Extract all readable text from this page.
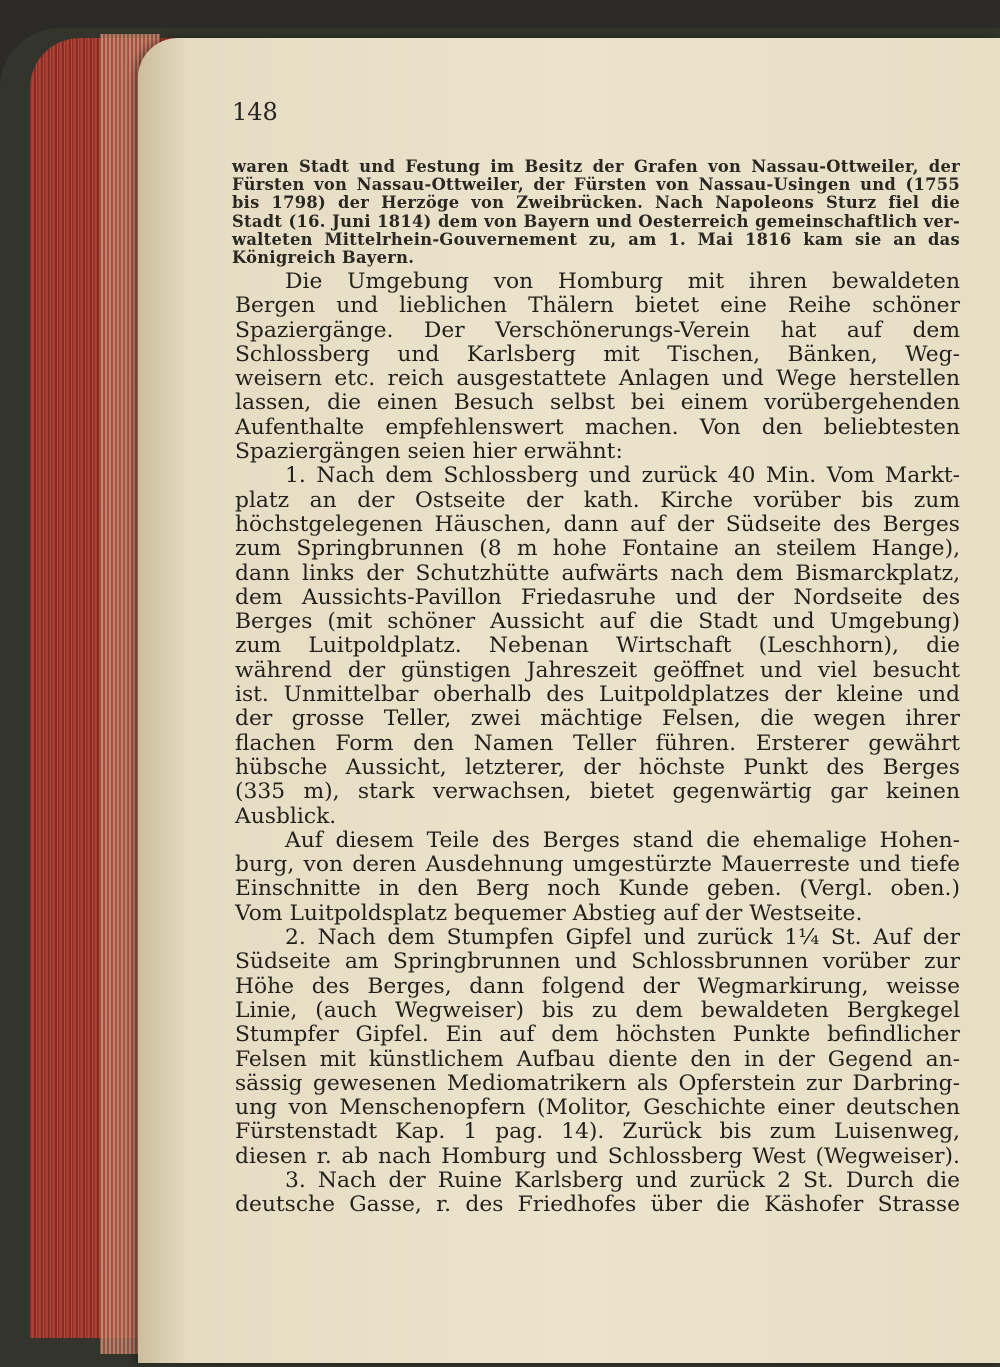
148
waren Stadt und Festung im Besitz der Grafen von Nassau-Ottweiler, der
Fürsten von Nassau-Ottweiler, der Fürsten von Nassau-Usingen und (1755
bis 1798) der Herzöge von Zweibrücken. Nach Napoleons Sturz fiel die
Stadt (16. Juni 1814) dem von Bayern und Oesterreich gemeinschaftlich ver-
walteten Mittelrhein-Gouvernement zu, am 1. Mai 1816 kam sie an das
Königreich Bayern.
Die Umgebung von Homburg mit ihren bewaldeten
Bergen und lieblichen Thälern bietet eine Reihe schöner
Spaziergänge. Der Verschönerungs-Verein hat auf dem
Schlossberg und Karlsberg mit Tischen, Bänken, Weg-
weisern etc. reich ausgestattete Anlagen und Wege herstellen
lassen, die einen Besuch selbst bei einem vorübergehenden
Aufenthalte empfehlenswert machen. Von den beliebtesten
Spaziergängen seien hier erwähnt:
1. Nach dem Schlossberg und zurück 40 Min. Vom Markt-
platz an der Ostseite der kath. Kirche vorüber bis zum
höchstgelegenen Häuschen, dann auf der Südseite des Berges
zum Springbrunnen (8 m hohe Fontaine an steilem Hange),
dann links der Schutzhütte aufwärts nach dem Bismarckplatz,
dem Aussichts-Pavillon Friedasruhe und der Nordseite des
Berges (mit schöner Aussicht auf die Stadt und Umgebung)
zum Luitpoldplatz. Nebenan Wirtschaft (Leschhorn), die
während der günstigen Jahreszeit geöffnet und viel besucht
ist. Unmittelbar oberhalb des Luitpoldplatzes der kleine und
der grosse Teller, zwei mächtige Felsen, die wegen ihrer
flachen Form den Namen Teller führen. Ersterer gewährt
hübsche Aussicht, letzterer, der höchste Punkt des Berges
(335 m), stark verwachsen, bietet gegenwärtig gar keinen
Ausblick.
Auf diesem Teile des Berges stand die ehemalige Hohen-
burg, von deren Ausdehnung umgestürzte Mauerreste und tiefe
Einschnitte in den Berg noch Kunde geben. (Vergl. oben.)
Vom Luitpoldsplatz bequemer Abstieg auf der Westseite.
2. Nach dem Stumpfen Gipfel und zurück 1¼ St. Auf der
Südseite am Springbrunnen und Schlossbrunnen vorüber zur
Höhe des Berges, dann folgend der Wegmarkirung, weisse
Linie, (auch Wegweiser) bis zu dem bewaldeten Bergkegel
Stumpfer Gipfel. Ein auf dem höchsten Punkte befindlicher
Felsen mit künstlichem Aufbau diente den in der Gegend an-
sässig gewesenen Mediomatrikern als Opferstein zur Darbring-
ung von Menschenopfern (Molitor, Geschichte einer deutschen
Fürstenstadt Kap. 1 pag. 14). Zurück bis zum Luisenweg,
diesen r. ab nach Homburg und Schlossberg West (Wegweiser).
3. Nach der Ruine Karlsberg und zurück 2 St. Durch die
deutsche Gasse, r. des Friedhofes über die Käshofer Strasse
